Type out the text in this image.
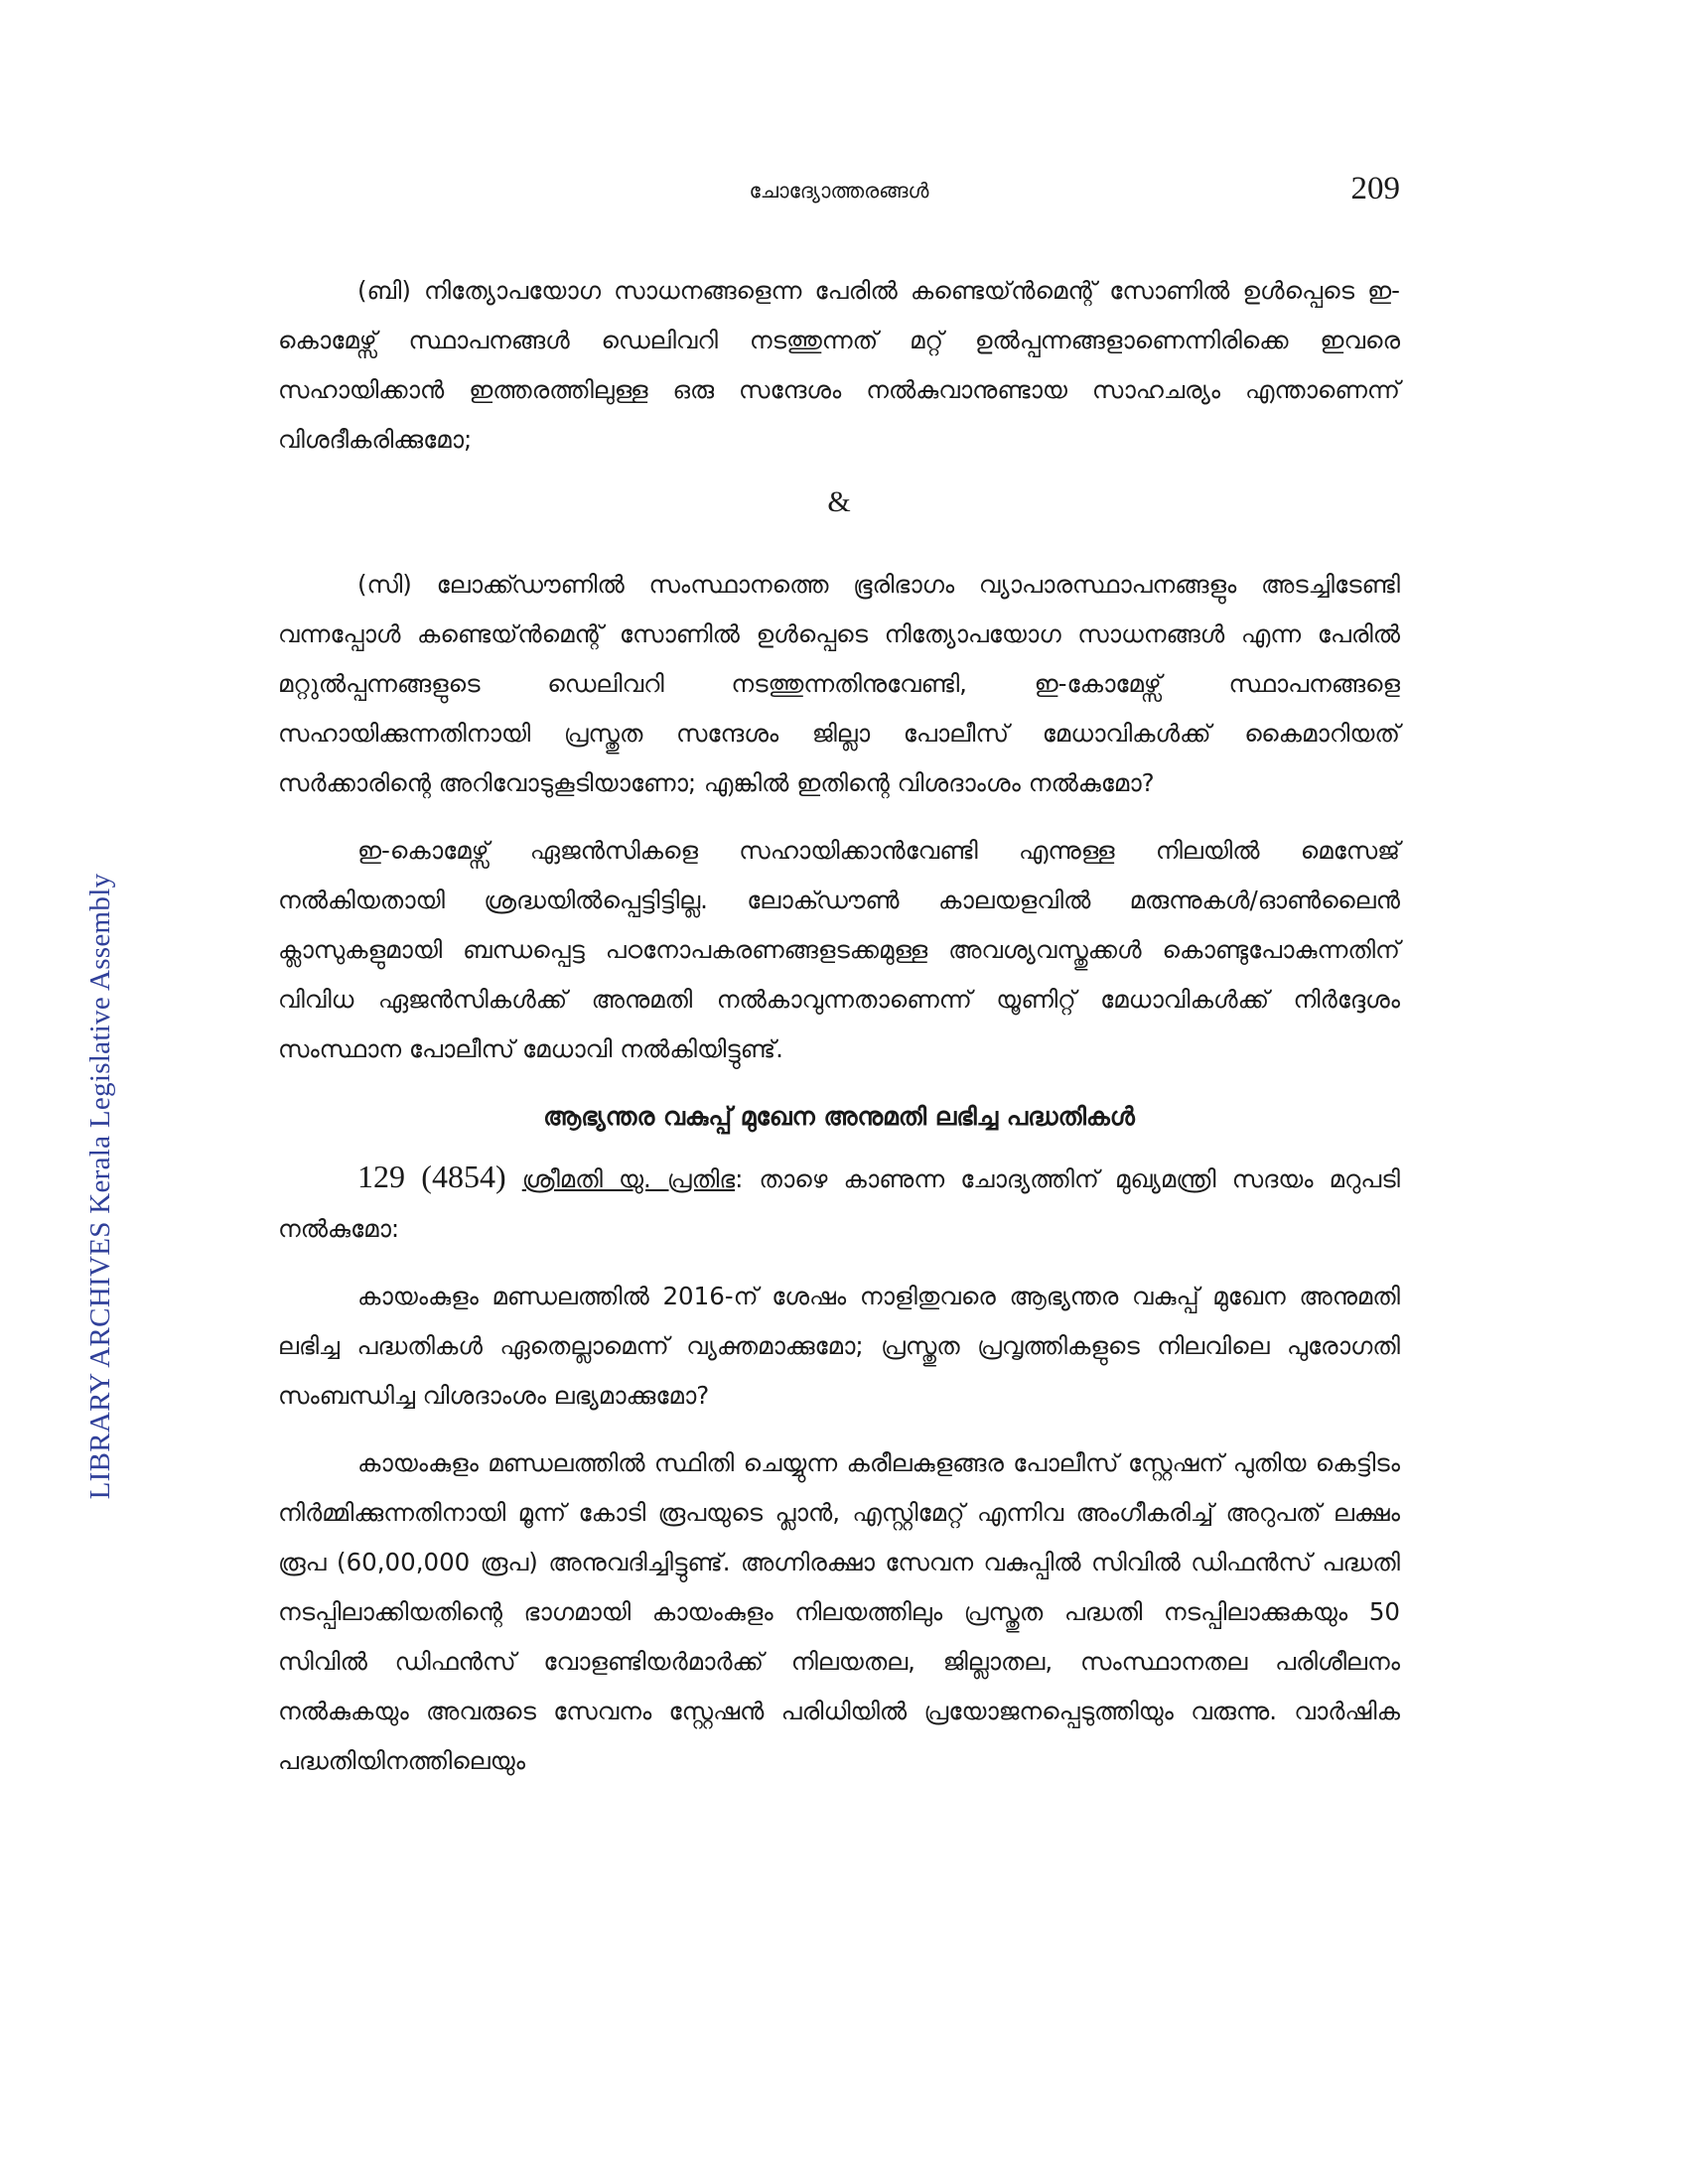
LIBRARY ARCHIVES Kerala Legislative Assembly
ചോദ്യോത്തരങ്ങൾ	209

(ബി) നിത്യോപയോഗ സാധനങ്ങളെന്ന പേരിൽ കണ്ടെയ്‌ൻമെന്റ് സോണിൽ ഉൾപ്പെടെ ഇ-കൊമേഴ്സ് സ്ഥാപനങ്ങൾ ഡെലിവറി നടത്തുന്നത് മറ്റ് ഉൽപ്പന്നങ്ങളാണെന്നിരിക്കെ ഇവരെ സഹായിക്കാൻ ഇത്തരത്തിലുള്ള ഒരു സന്ദേശം നൽകുവാനുണ്ടായ സാഹചര്യം എന്താണെന്ന് വിശദീകരിക്കുമോ;

&

(സി) ലോക്ക്ഡൗണിൽ സംസ്ഥാനത്തെ ഭൂരിഭാഗം വ്യാപാരസ്ഥാപനങ്ങളും അടച്ചിടേണ്ടി വന്നപ്പോൾ കണ്ടെയ്‌ൻമെന്റ് സോണിൽ ഉൾപ്പെടെ നിത്യോപയോഗ സാധനങ്ങൾ എന്ന പേരിൽ മറ്റുൽപ്പന്നങ്ങളുടെ ഡെലിവറി നടത്തുന്നതിനുവേണ്ടി, ഇ-കോമേഴ്സ് സ്ഥാപനങ്ങളെ സഹായിക്കുന്നതിനായി പ്രസ്തുത സന്ദേശം ജില്ലാ പോലീസ് മേധാവികൾക്ക് കൈമാറിയത് സർക്കാരിന്റെ അറിവോടുകൂടിയാണോ; എങ്കിൽ ഇതിന്റെ വിശദാംശം നൽകുമോ?

ഇ-കൊമേഴ്സ് ഏജൻസികളെ സഹായിക്കാൻവേണ്ടി എന്നുള്ള നിലയിൽ മെസേജ് നൽകിയതായി ശ്രദ്ധയിൽപ്പെട്ടിട്ടില്ല. ലോക്ഡൗൺ കാലയളവിൽ മരുന്നുകൾ/ഓൺലൈൻ ക്ലാസുകളുമായി ബന്ധപ്പെട്ട പഠനോപകരണങ്ങളടക്കമുള്ള അവശ്യവസ്തുക്കൾ കൊണ്ടുപോകുന്നതിന് വിവിധ ഏജൻസികൾക്ക് അനുമതി നൽകാവുന്നതാണെന്ന് യൂണിറ്റ് മേധാവികൾക്ക് നിർദ്ദേശം സംസ്ഥാന പോലീസ് മേധാവി നൽകിയിട്ടുണ്ട്.

ആഭ്യന്തര വകുപ്പ് മുഖേന അനുമതി ലഭിച്ച പദ്ധതികൾ

129 (4854) ശ്രീമതി യു. പ്രതിഭ: താഴെ കാണുന്ന ചോദ്യത്തിന് മുഖ്യമന്ത്രി സദയം മറുപടി നൽകുമോ:

കായംകുളം മണ്ഡലത്തിൽ 2016-ന് ശേഷം നാളിതുവരെ ആഭ്യന്തര വകുപ്പ് മുഖേന അനുമതി ലഭിച്ച പദ്ധതികൾ ഏതെല്ലാമെന്ന് വ്യക്തമാക്കുമോ; പ്രസ്തുത പ്രവൃത്തികളുടെ നിലവിലെ പുരോഗതി സംബന്ധിച്ച വിശദാംശം ലഭ്യമാക്കുമോ?

കായംകുളം മണ്ഡലത്തിൽ സ്ഥിതി ചെയ്യുന്ന കരീലകുളങ്ങര പോലീസ് സ്റ്റേഷന് പുതിയ കെട്ടിടം നിർമ്മിക്കുന്നതിനായി മൂന്ന് കോടി രൂപയുടെ പ്ലാൻ, എസ്റ്റിമേറ്റ് എന്നിവ അംഗീകരിച്ച് അറുപത് ലക്ഷം രൂപ (60,00,000 രൂപ) അനുവദിച്ചിട്ടുണ്ട്. അഗ്നിരക്ഷാ സേവന വകുപ്പിൽ സിവിൽ ഡിഫൻസ് പദ്ധതി നടപ്പിലാക്കിയതിന്റെ ഭാഗമായി കായംകുളം നിലയത്തിലും പ്രസ്തുത പദ്ധതി നടപ്പിലാക്കുകയും 50 സിവിൽ ഡിഫൻസ് വോളണ്ടിയർമാർക്ക് നിലയതല, ജില്ലാതല, സംസ്ഥാനതല പരിശീലനം നൽകുകയും അവരുടെ സേവനം സ്റ്റേഷൻ പരിധിയിൽ പ്രയോജനപ്പെടുത്തിയും വരുന്നു. വാർഷിക പദ്ധതിയിനത്തിലെയും
